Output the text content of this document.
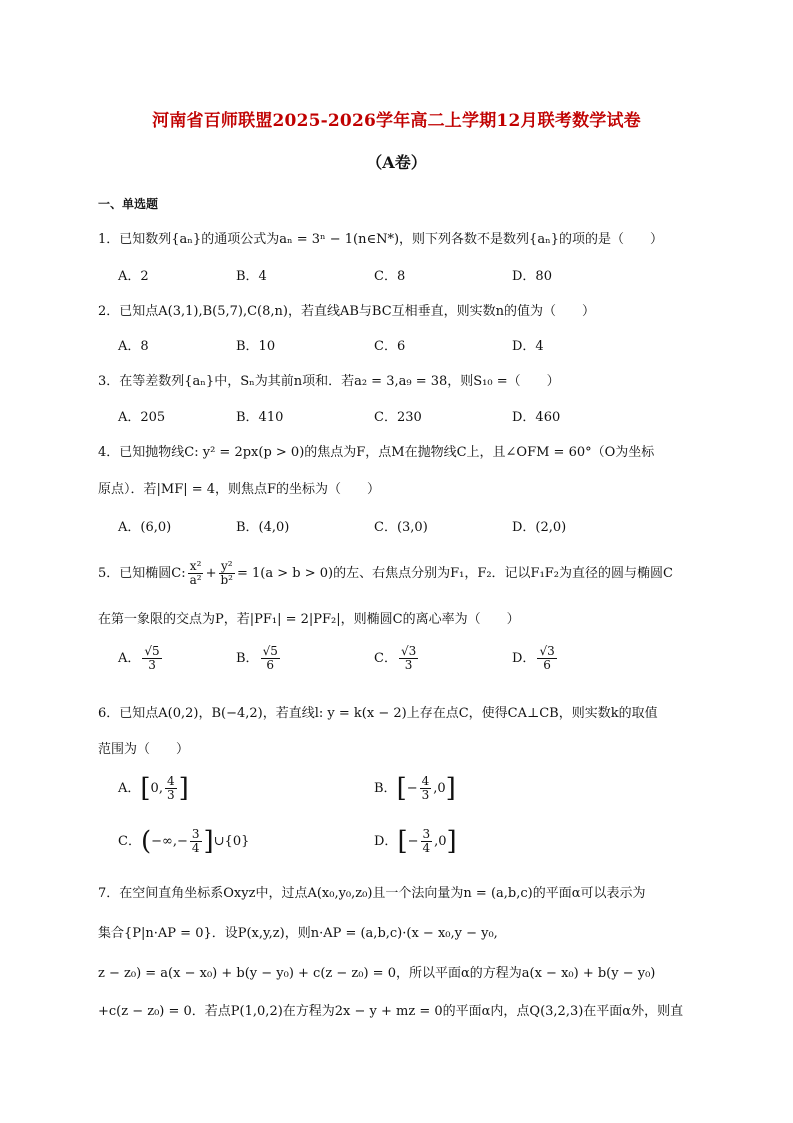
河南省百师联盟2025-2026学年高二上学期12月联考数学试卷
（A卷）
一、单选题
1．已知数列{aₙ}的通项公式为aₙ = 3ⁿ − 1(n∈N*)，则下列各数不是数列{aₙ}的项的是（　　）
A．2	B．4	C．8	D．80
2．已知点A(3,1),B(5,7),C(8,n)，若直线AB与BC互相垂直，则实数n的值为（　　）
A．8	B．10	C．6	D．4
3．在等差数列{aₙ}中，Sₙ为其前n项和．若a₂ = 3,a₉ = 38，则S₁₀ =（　　）
A．205	B．410	C．230	D．460
4．已知抛物线C: y² = 2px(p > 0)的焦点为F，点M在抛物线C上，且∠OFM = 60°（O为坐标
原点）．若|MF| = 4，则焦点F的坐标为（　　）
A．(6,0)	B．(4,0)	C．(3,0)	D．(2,0)
5．已知椭圆C: $\frac{\text{x²}}{\text{a²}} + \frac{\text{y²}}{\text{b²}} = 1(a > b > 0)$的左、右焦点分别为F₁，F₂．记以F₁F₂为直径的圆与椭圆C
在第一象限的交点为P，若|PF₁| = 2|PF₂|，则椭圆C的离心率为（　　）
A． $\frac{√5}{3}$	B． $\frac{√5}{6}$	C． $\frac{√3}{3}$	D． $\frac{√3}{6}$
6．已知点A(0,2)，B(−4,2)，若直线l: y = k(x − 2)上存在点C，使得CA⊥CB，则实数k的取值
范围为（　　）
A．[0, $\frac{4}{3}$ ]	B．[− $\frac{4}{3} ,0$]
C．(−∞,− $\frac{3}{4}$ ]∪{0}	D．[− $\frac{3}{4} ,0$]
7．在空间直角坐标系Oxyz中，过点A(x₀,y₀,z₀)且一个法向量为n = (a,b,c)的平面α可以表示为
集合{P|n·AP = 0}．设P(x,y,z)，则n·AP = (a,b,c)·(x − x₀,y − y₀,
z − z₀) = a(x − x₀) + b(y − y₀) + c(z − z₀) = 0，所以平面α的方程为a(x − x₀) + b(y − y₀)
+c(z − z₀) = 0．若点P(1,0,2)在方程为2x − y + mz = 0的平面α内，点Q(3,2,3)在平面α外，则直
